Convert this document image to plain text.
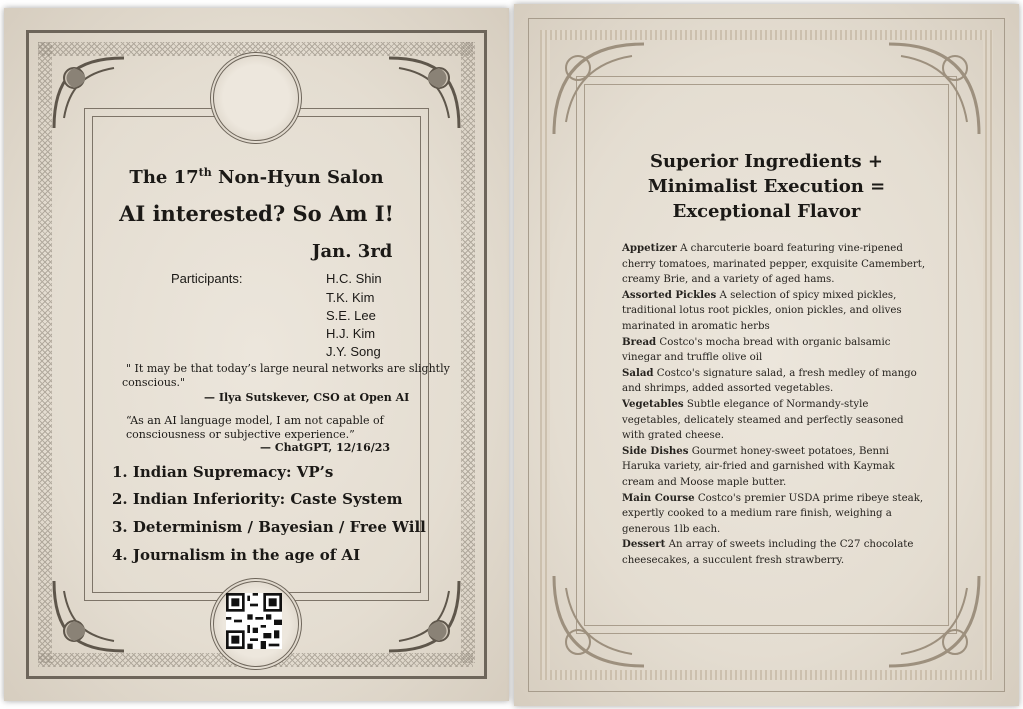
The 17th Non-Hyun Salon
AI interested? So Am I!
Jan. 3rd
Participants:	H.C. Shin
T.K. Kim
S.E. Lee
H.J. Kim
J.Y. Song
" It may be that today’s large neural networks are slightly
conscious."
— Ilya Sutskever, CSO at Open AI
“As an AI language model, I am not capable of
consciousness or subjective experience.”
— ChatGPT, 12/16/23
1. Indian Supremacy: VP’s
2. Indian Inferiority: Caste System
3. Determinism / Bayesian / Free Will
4. Journalism in the age of AI
Superior Ingredients +
Minimalist Execution =
Exceptional Flavor

Appetizer A charcuterie board featuring vine-ripened cherry tomatoes, marinated pepper, exquisite Camembert, creamy Brie, and a variety of aged hams.

Assorted Pickles A selection of spicy mixed pickles, traditional lotus root pickles, onion pickles, and olives marinated in aromatic herbs

Bread Costco's mocha bread with organic balsamic vinegar and truffle olive oil

Salad Costco's signature salad, a fresh medley of mango and shrimps, added assorted vegetables.

Vegetables Subtle elegance of Normandy-style vegetables, delicately steamed and perfectly seasoned with grated cheese.

Side Dishes Gourmet honey-sweet potatoes, Benni Haruka variety, air-fried and garnished with Kaymak cream and Moose maple butter.

Main Course Costco's premier USDA prime ribeye steak, expertly cooked to a medium rare finish, weighing a generous 1lb each.

Dessert An array of sweets including the C27 chocolate cheesecakes, a succulent fresh strawberry.
